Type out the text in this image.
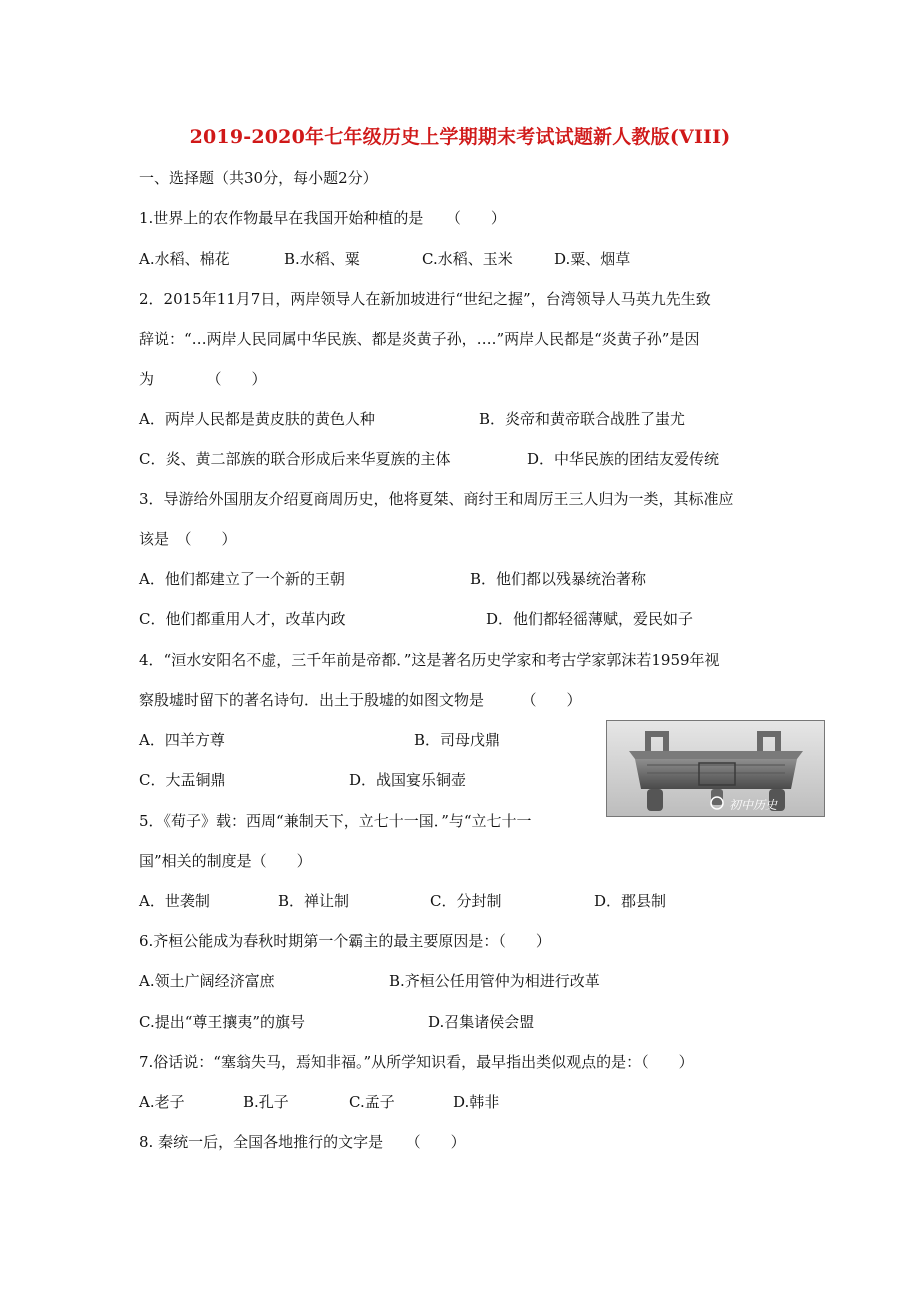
2019-2020年七年级历史上学期期末考试试题新人教版(VIII)
一、选择题（共30分，每小题2分）
1.世界上的农作物最早在我国开始种植的是　　（　　）
A.水稻、棉花	B.水稻、粟	C.水稻、玉米	D.粟、烟草
2．2015年11月7日，两岸领导人在新加坡进行“世纪之握”，台湾领导人马英九先生致
辞说：“…两岸人民同属中华民族、都是炎黄子孙，….”两岸人民都是“炎黄子孙”是因
为　　　　（　　）
A．两岸人民都是黄皮肤的黄色人种	B．炎帝和黄帝联合战胜了蚩尤
C．炎、黄二部族的联合形成后来华夏族的主体	D．中华民族的团结友爱传统
3．导游给外国朋友介绍夏商周历史，他将夏桀、商纣王和周厉王三人归为一类，其标准应
该是　（　　）
A．他们都建立了一个新的王朝	B．他们都以残暴统治著称
C．他们都重用人才，改革内政	D．他们都轻徭薄赋，爱民如子
4．“洹水安阳名不虚，三千年前是帝都．”这是著名历史学家和考古学家郭沫若1959年视
察殷墟时留下的著名诗句．出土于殷墟的如图文物是　　　（　　）
A．四羊方尊	B．司母戊鼎
C．大盂铜鼎	D．战国宴乐铜壶
初中历史
5．《荀子》载：西周“兼制天下，立七十一国．”与“立七十一
国”相关的制度是（　　）
A．世袭制	B．禅让制	C．分封制	D．郡县制
6.齐桓公能成为春秋时期第一个霸主的最主要原因是：（　　）
A.领土广阔经济富庶	B.齐桓公任用管仲为相进行改革
C.提出“尊王攘夷”的旗号	D.召集诸侯会盟
7.俗话说：“塞翁失马，焉知非福。”从所学知识看，最早指出类似观点的是：（　　）
A.老子	B.孔子	C.孟子	D.韩非
8. 秦统一后，全国各地推行的文字是　　（　　）
